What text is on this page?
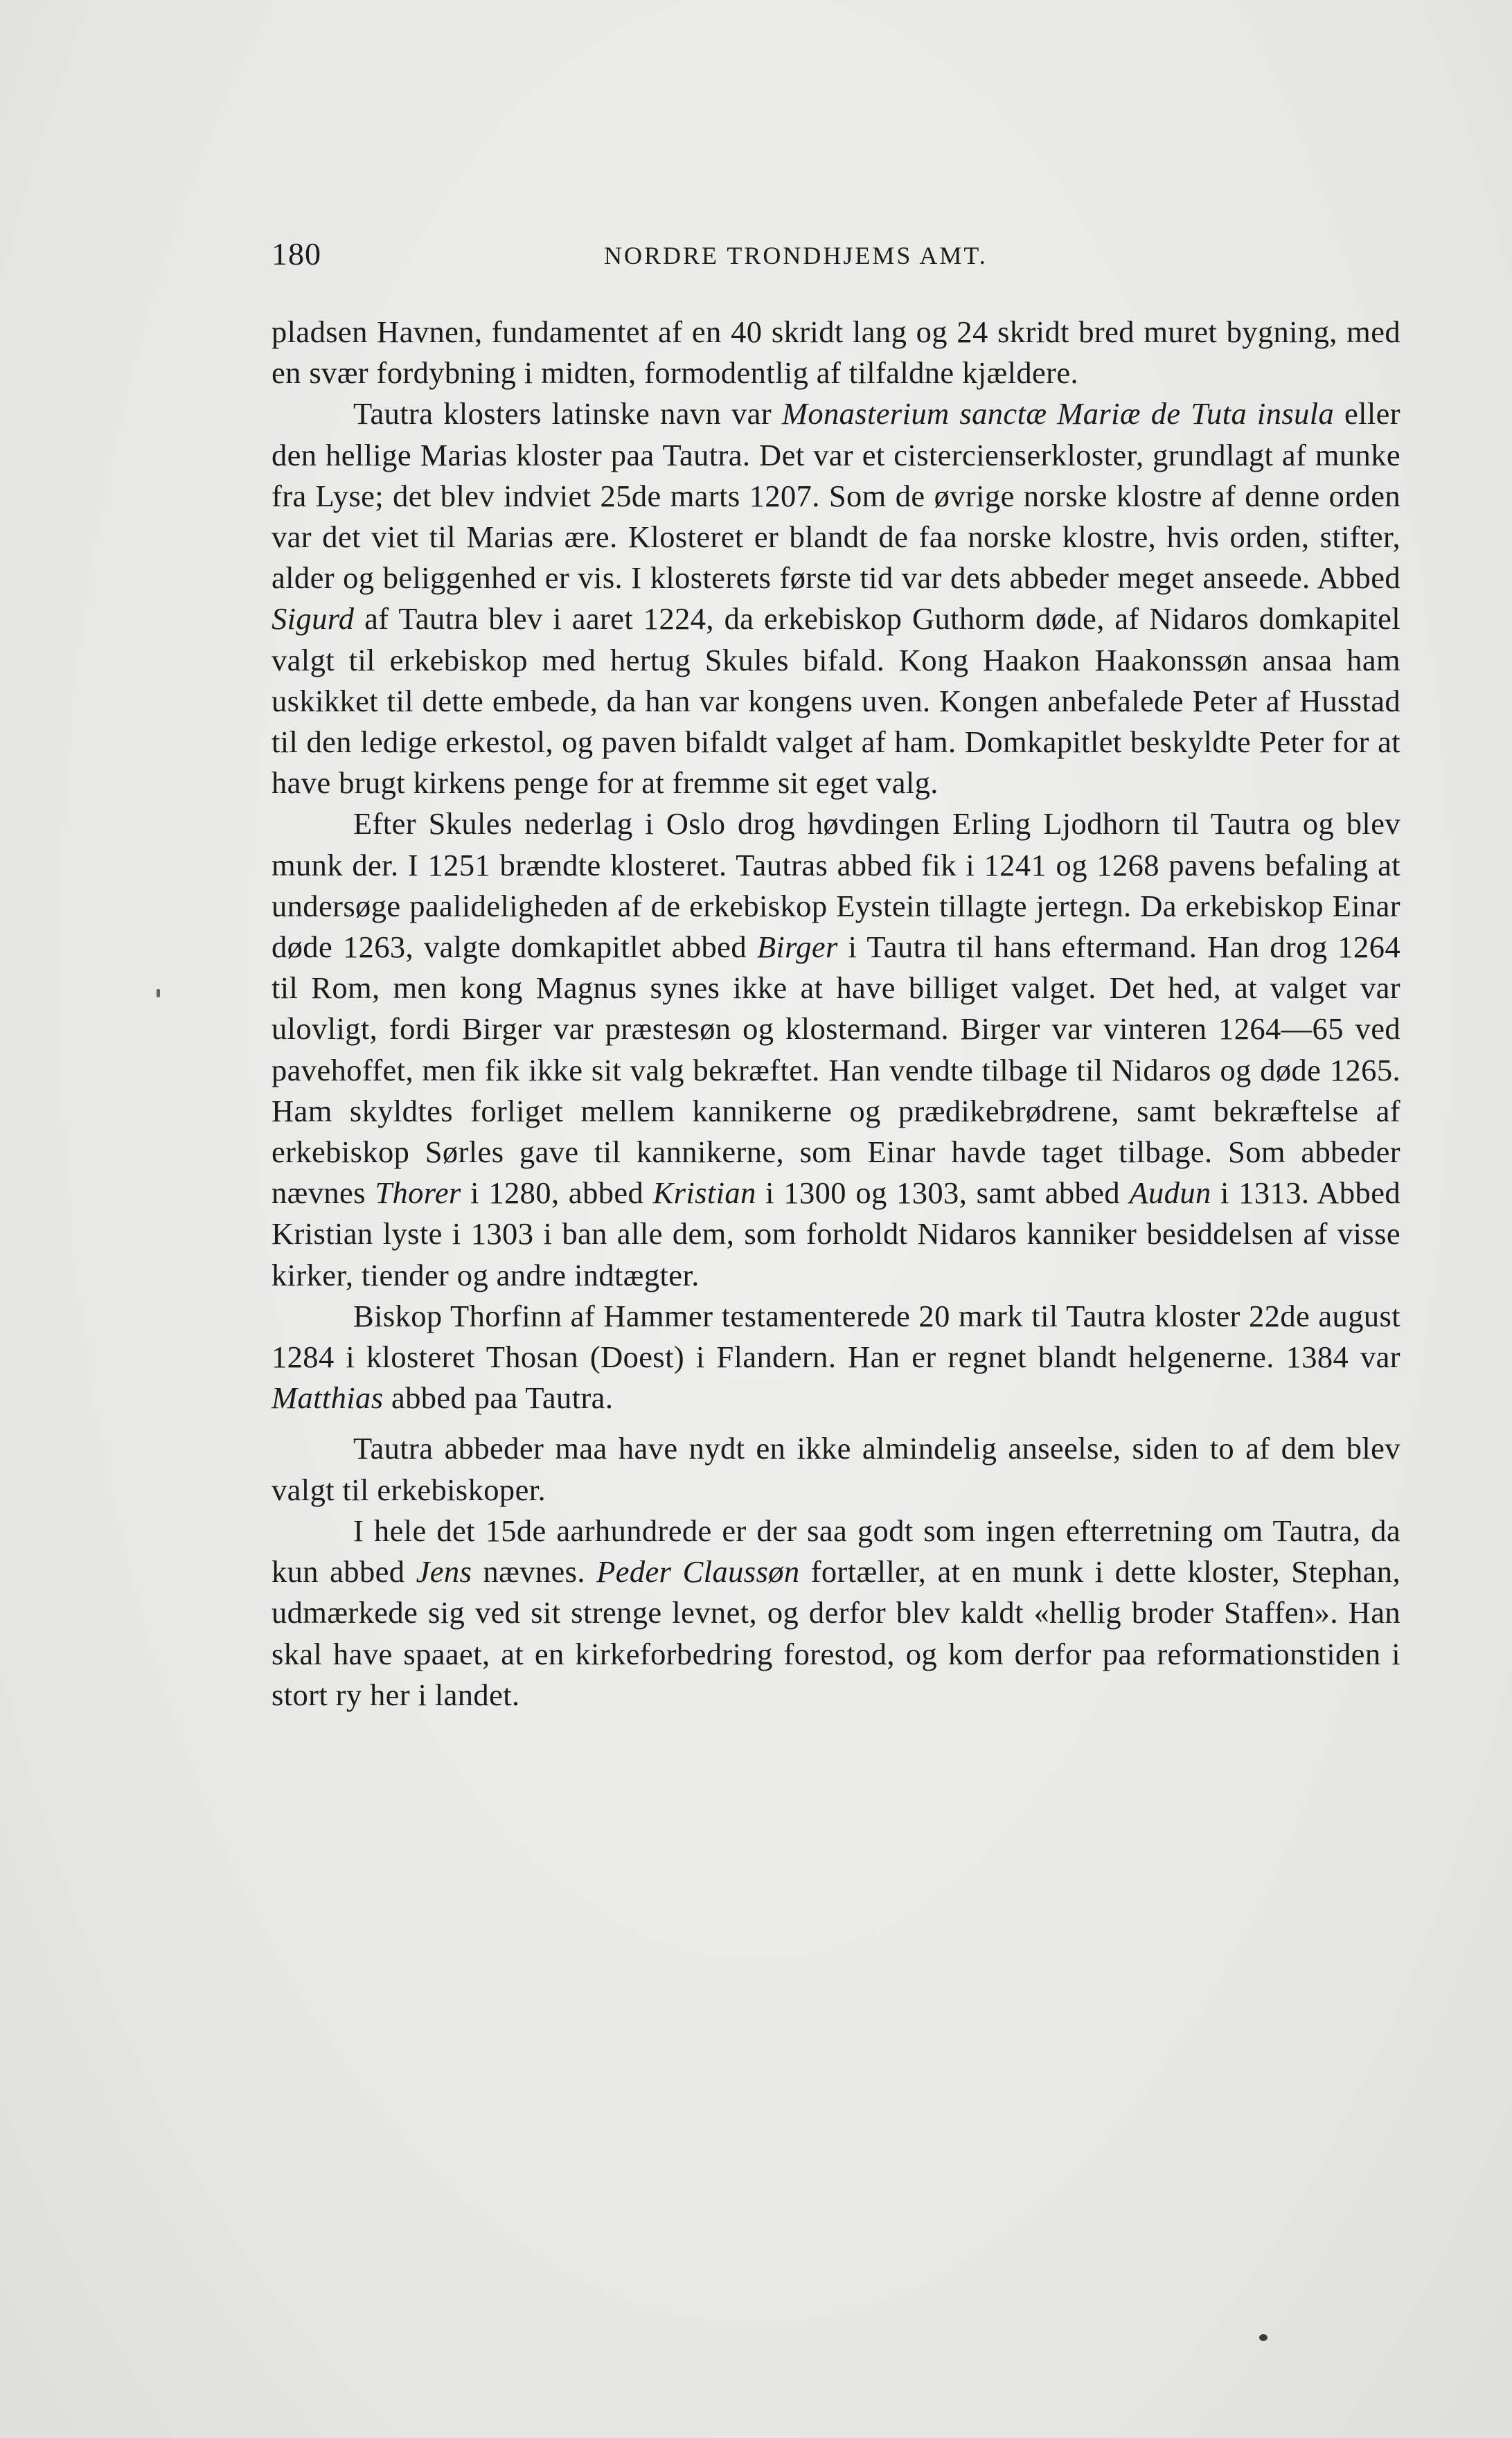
180	NORDRE TRONDHJEMS AMT.

pladsen Havnen, fundamentet af en 40 skridt lang og 24 skridt bred muret bygning, med en svær fordybning i midten, formodentlig af tilfaldne kjældere.

Tautra klosters latinske navn var Monasterium sanctæ Mariæ de Tuta insula eller den hellige Marias kloster paa Tautra. Det var et cistercienserkloster, grundlagt af munke fra Lyse; det blev indviet 25de marts 1207. Som de øvrige norske klostre af denne orden var det viet til Marias ære. Klosteret er blandt de faa norske klostre, hvis orden, stifter, alder og beliggenhed er vis. I klosterets første tid var dets abbeder meget anseede. Abbed Sigurd af Tautra blev i aaret 1224, da erkebiskop Guthorm døde, af Nidaros domkapitel valgt til erkebiskop med hertug Skules bifald. Kong Haakon Haakonssøn ansaa ham uskikket til dette embede, da han var kongens uven. Kongen anbefalede Peter af Husstad til den ledige erkestol, og paven bifaldt valget af ham. Domkapitlet beskyldte Peter for at have brugt kirkens penge for at fremme sit eget valg.

Efter Skules nederlag i Oslo drog høvdingen Erling Ljodhorn til Tautra og blev munk der. I 1251 brændte klosteret. Tautras abbed fik i 1241 og 1268 pavens befaling at undersøge paalideligheden af de erkebiskop Eystein tillagte jertegn. Da erkebiskop Einar døde 1263, valgte domkapitlet abbed Birger i Tautra til hans eftermand. Han drog 1264 til Rom, men kong Magnus synes ikke at have billiget valget. Det hed, at valget var ulovligt, fordi Birger var præstesøn og klostermand. Birger var vinteren 1264—65 ved pavehoffet, men fik ikke sit valg bekræftet. Han vendte tilbage til Nidaros og døde 1265. Ham skyldtes forliget mellem kannikerne og prædikebrødrene, samt bekræftelse af erkebiskop Sørles gave til kannikerne, som Einar havde taget tilbage. Som abbeder nævnes Thorer i 1280, abbed Kristian i 1300 og 1303, samt abbed Audun i 1313. Abbed Kristian lyste i 1303 i ban alle dem, som forholdt Nidaros kanniker besiddelsen af visse kirker, tiender og andre indtægter.

Biskop Thorfinn af Hammer testamenterede 20 mark til Tautra kloster 22de august 1284 i klosteret Thosan (Doest) i Flandern. Han er regnet blandt helgenerne. 1384 var Matthias abbed paa Tautra.

Tautra abbeder maa have nydt en ikke almindelig anseelse, siden to af dem blev valgt til erkebiskoper.

I hele det 15de aarhundrede er der saa godt som ingen efterretning om Tautra, da kun abbed Jens nævnes. Peder Claussøn fortæller, at en munk i dette kloster, Stephan, udmærkede sig ved sit strenge levnet, og derfor blev kaldt «hellig broder Staffen». Han skal have spaaet, at en kirkeforbedring forestod, og kom derfor paa reformationstiden i stort ry her i landet.
